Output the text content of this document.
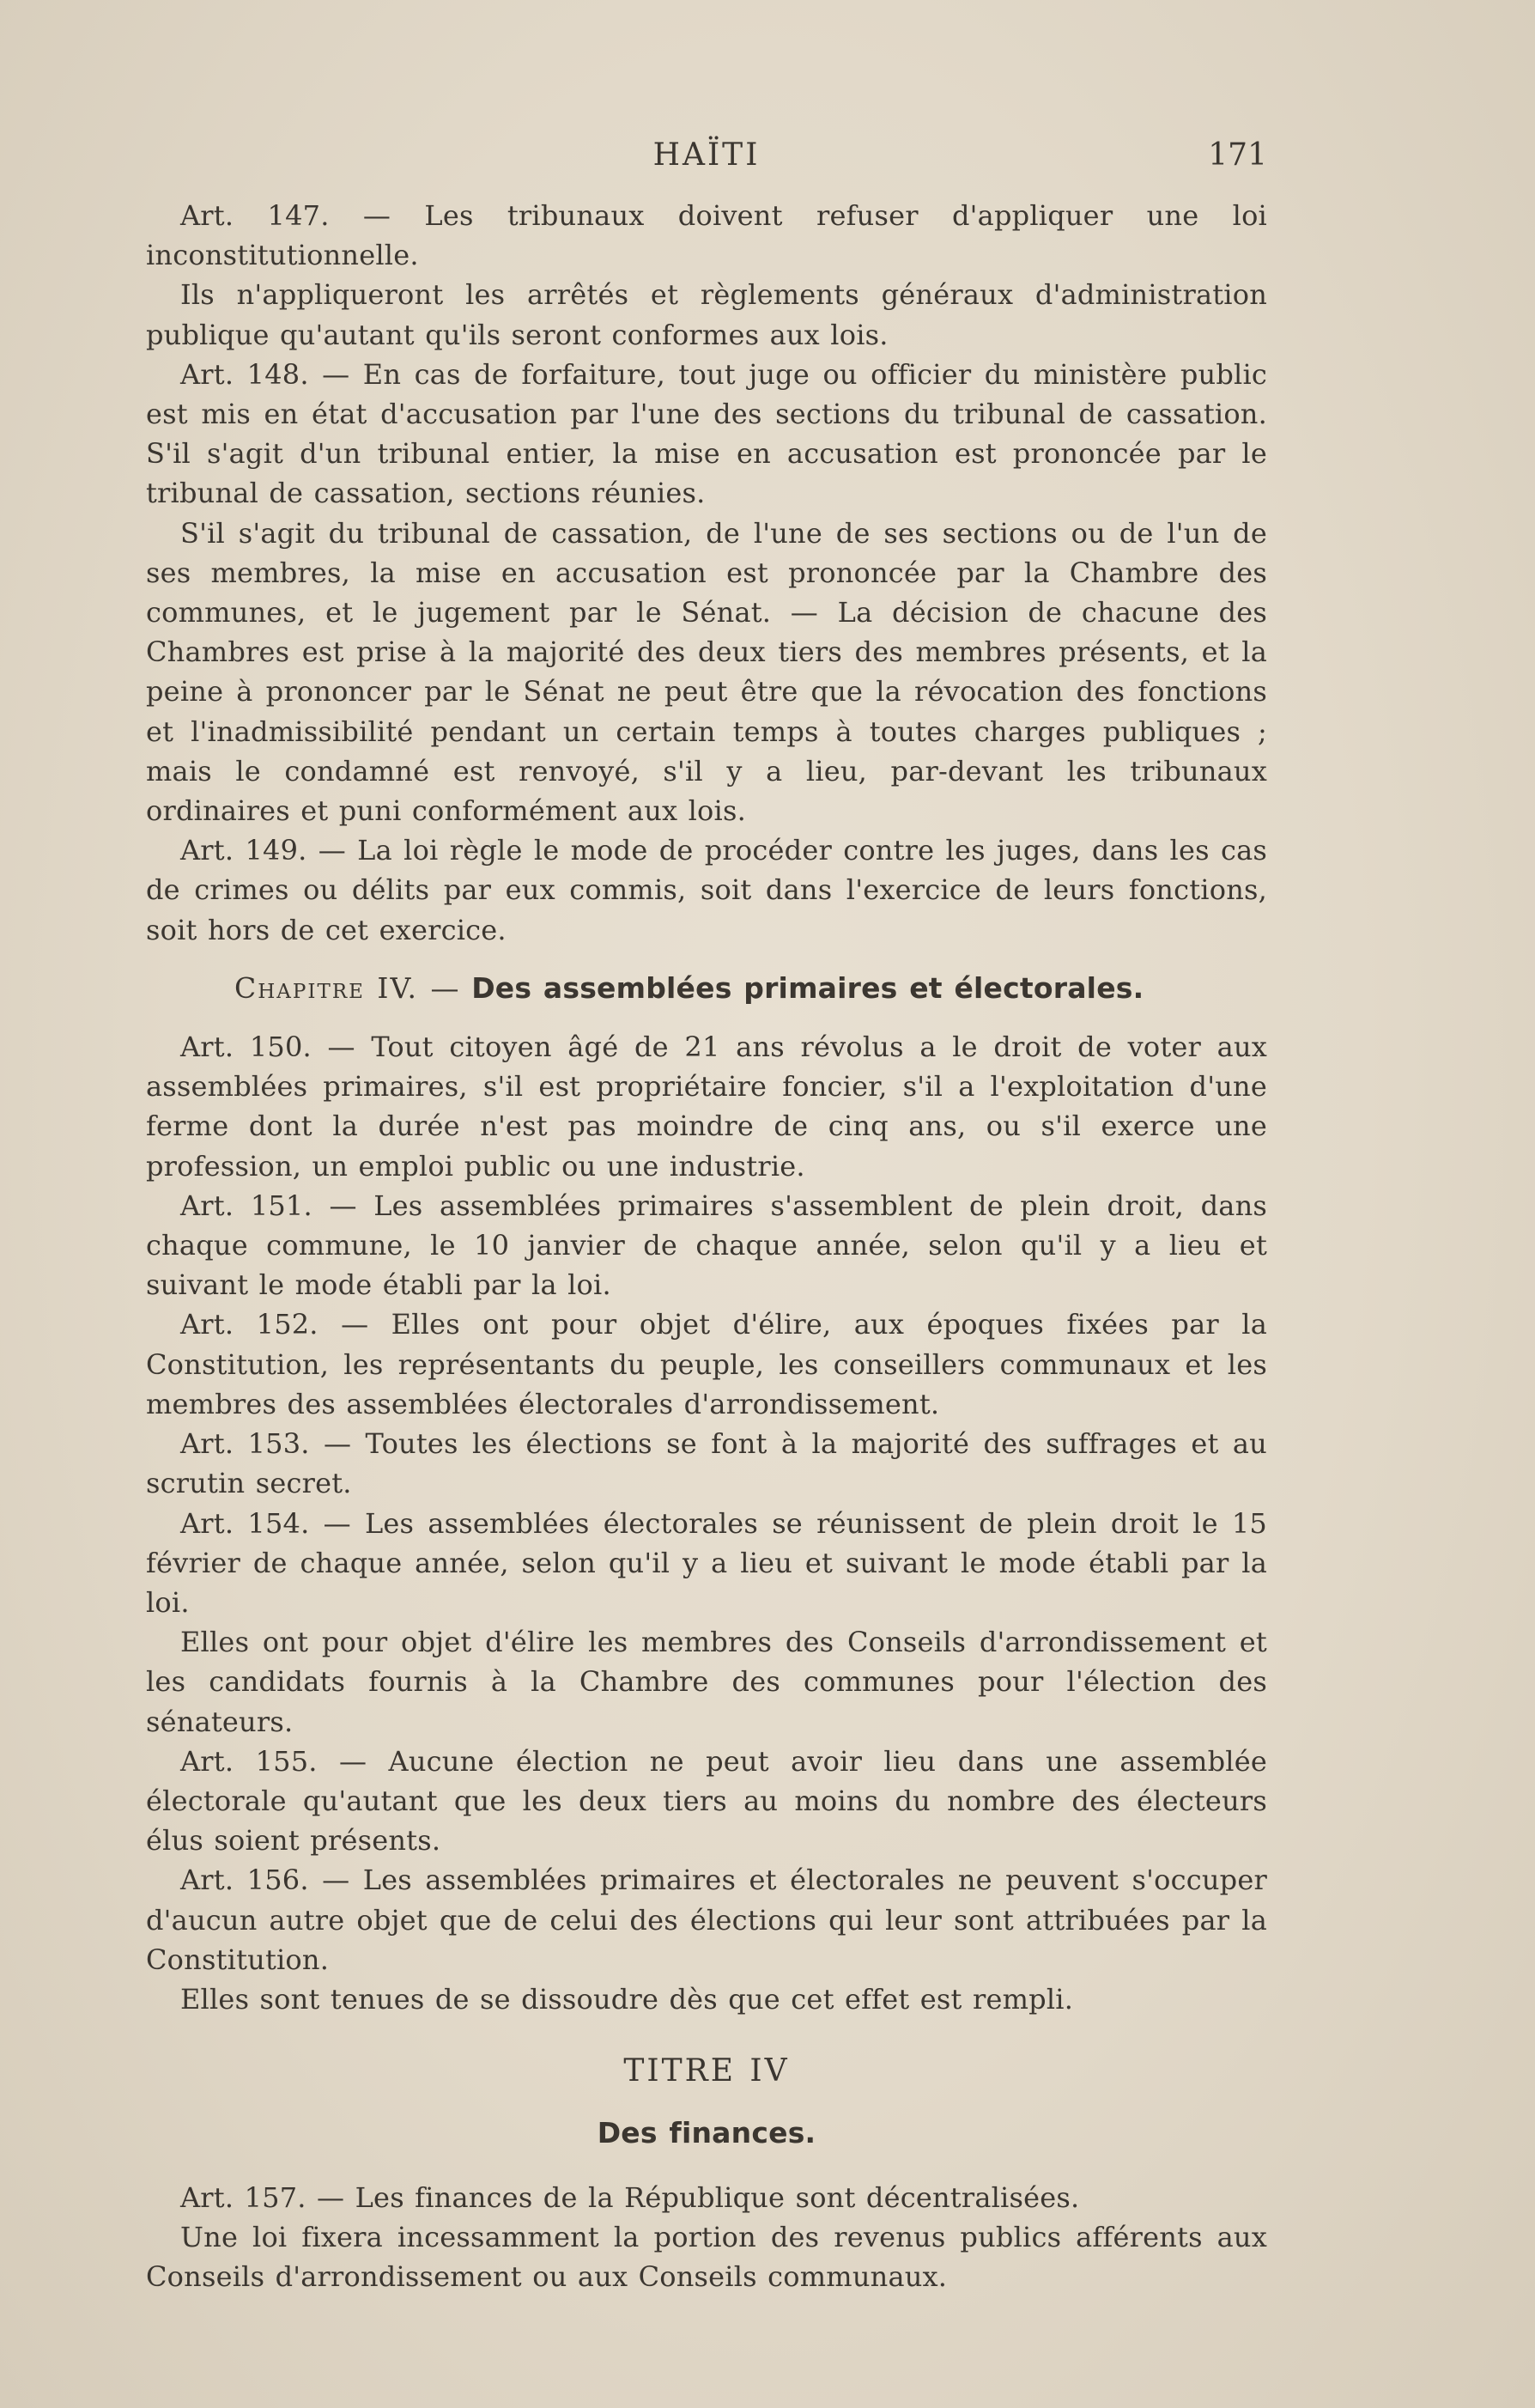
HAÏTI	171

Art. 147. — Les tribunaux doivent refuser d'appliquer une loi inconstitutionnelle.

Ils n'appliqueront les arrêtés et règlements généraux d'administration publique qu'autant qu'ils seront conformes aux lois.

Art. 148. — En cas de forfaiture, tout juge ou officier du ministère public est mis en état d'accusation par l'une des sections du tribunal de cassation. S'il s'agit d'un tribunal entier, la mise en accusation est prononcée par le tribunal de cassation, sections réunies.

S'il s'agit du tribunal de cassation, de l'une de ses sections ou de l'un de ses membres, la mise en accusation est prononcée par la Chambre des communes, et le jugement par le Sénat. — La décision de chacune des Chambres est prise à la majorité des deux tiers des membres présents, et la peine à prononcer par le Sénat ne peut être que la révocation des fonctions et l'inadmissibilité pendant un certain temps à toutes charges publiques ; mais le condamné est renvoyé, s'il y a lieu, par-devant les tribunaux ordinaires et puni conformément aux lois.

Art. 149. — La loi règle le mode de procéder contre les juges, dans les cas de crimes ou délits par eux commis, soit dans l'exercice de leurs fonctions, soit hors de cet exercice.

Chapitre IV. — Des assemblées primaires et électorales.

Art. 150. — Tout citoyen âgé de 21 ans révolus a le droit de voter aux assemblées primaires, s'il est propriétaire foncier, s'il a l'exploitation d'une ferme dont la durée n'est pas moindre de cinq ans, ou s'il exerce une profession, un emploi public ou une industrie.

Art. 151. — Les assemblées primaires s'assemblent de plein droit, dans chaque commune, le 10 janvier de chaque année, selon qu'il y a lieu et suivant le mode établi par la loi.

Art. 152. — Elles ont pour objet d'élire, aux époques fixées par la Constitution, les représentants du peuple, les conseillers communaux et les membres des assemblées électorales d'arrondissement.

Art. 153. — Toutes les élections se font à la majorité des suffrages et au scrutin secret.

Art. 154. — Les assemblées électorales se réunissent de plein droit le 15 février de chaque année, selon qu'il y a lieu et suivant le mode établi par la loi.

Elles ont pour objet d'élire les membres des Conseils d'arrondissement et les candidats fournis à la Chambre des communes pour l'élection des sénateurs.

Art. 155. — Aucune élection ne peut avoir lieu dans une assemblée électorale qu'autant que les deux tiers au moins du nombre des électeurs élus soient présents.

Art. 156. — Les assemblées primaires et électorales ne peuvent s'occuper d'aucun autre objet que de celui des élections qui leur sont attribuées par la Constitution.

Elles sont tenues de se dissoudre dès que cet effet est rempli.

TITRE IV

Des finances.

Art. 157. — Les finances de la République sont décentralisées.

Une loi fixera incessamment la portion des revenus publics afférents aux Conseils d'arrondissement ou aux Conseils communaux.
